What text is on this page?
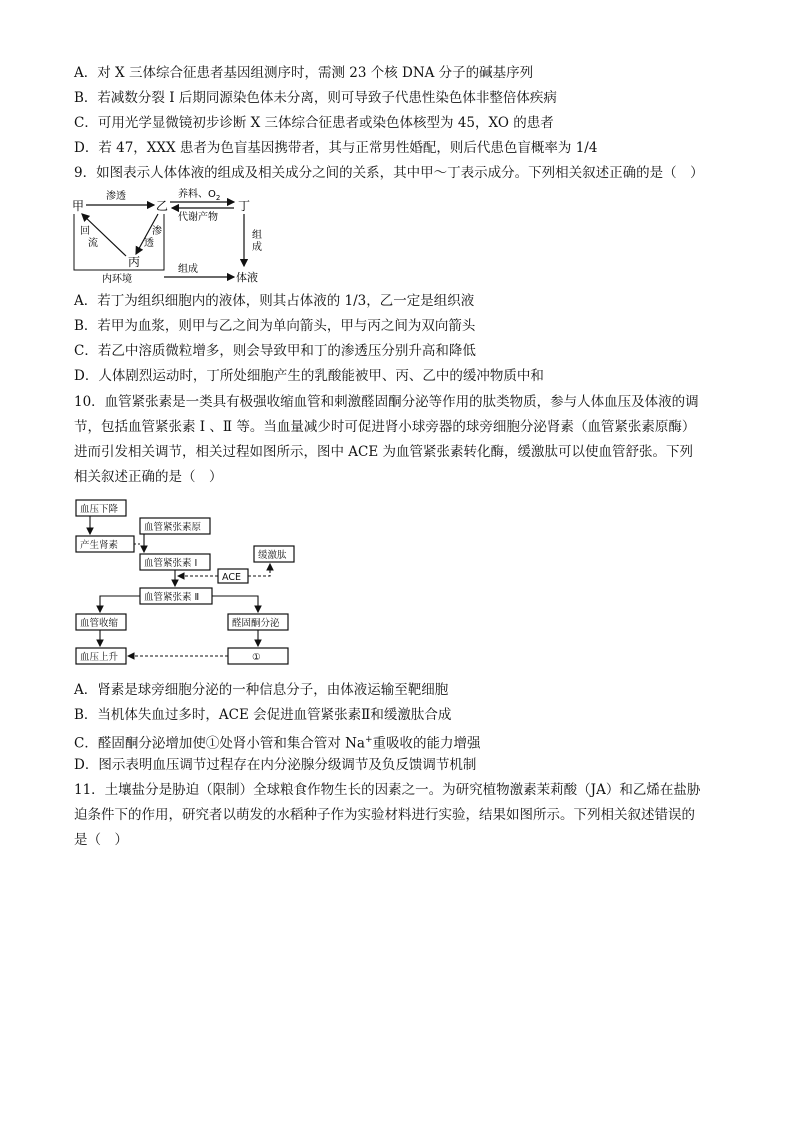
A．对 X 三体综合征患者基因组测序时，需测 23 个核 DNA 分子的碱基序列
B．若减数分裂 I 后期同源染色体未分离，则可导致子代患性染色体非整倍体疾病
C．可用光学显微镜初步诊断 X 三体综合征患者或染色体核型为 45，XO 的患者
D．若 47，XXX 患者为色盲基因携带者，其与正常男性婚配，则后代患色盲概率为 1/4
9．如图表示人体体液的组成及相关成分之间的关系，其中甲～丁表示成分。下列相关叙述正确的是（　）
甲	乙
丙
丁
渗透	养料、$O_2$
代谢产物
回
流
渗
透
内环境
组成
组
成
体液
A．若丁为组织细胞内的液体，则其占体液的 1/3，乙一定是组织液
B．若甲为血浆，则甲与乙之间为单向箭头，甲与丙之间为双向箭头
C．若乙中溶质微粒增多，则会导致甲和丁的渗透压分别升高和降低
D．人体剧烈运动时，丁所处细胞产生的乳酸能被甲、丙、乙中的缓冲物质中和
10．血管紧张素是一类具有极强收缩血管和刺激醛固酮分泌等作用的肽类物质，参与人体血压及体液的调
节，包括血管紧张素 Ⅰ 、Ⅱ 等。当血量减少时可促进肾小球旁器的球旁细胞分泌肾素（血管紧张素原酶）
进而引发相关调节，相关过程如图所示，图中 ACE 为血管紧张素转化酶，缓激肽可以使血管舒张。下列
相关叙述正确的是（　）
血压下降
血管紧张素原
产生肾素
血管紧张素 Ⅰ
缓激肽
ACE
血管紧张素 Ⅱ
血管收缩	醛固酮分泌
血压上升	①
A．肾素是球旁细胞分泌的一种信息分子，由体液运输至靶细胞
B．当机体失血过多时，ACE 会促进血管紧张素Ⅱ和缓激肽合成
C．醛固酮分泌增加使①处肾小管和集合管对 Na+重吸收的能力增强
D．图示表明血压调节过程存在内分泌腺分级调节及负反馈调节机制
11．土壤盐分是胁迫（限制）全球粮食作物生长的因素之一。为研究植物激素茉莉酸（JA）和乙烯在盐胁
迫条件下的作用，研究者以萌发的水稻种子作为实验材料进行实验，结果如图所示。下列相关叙述错误的
是（　）
